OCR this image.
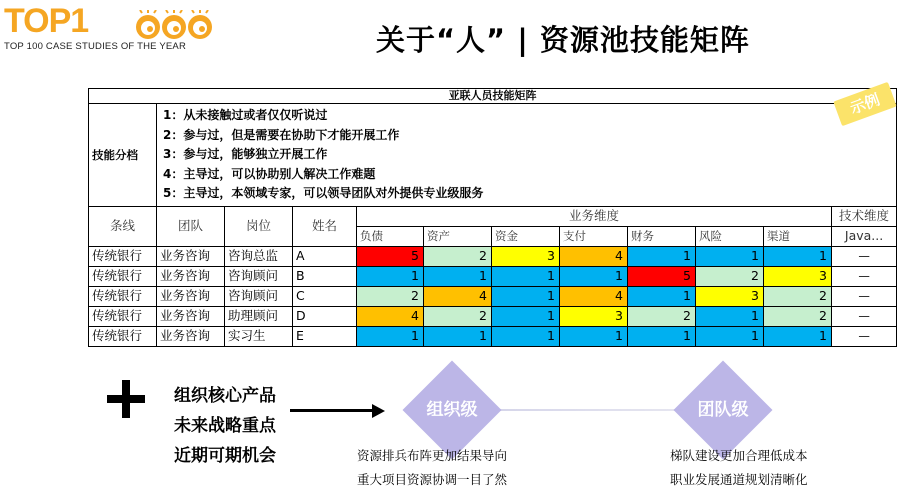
TOP1
TOP 100 CASE STUDIES OF THE YEAR	关于“人” | 资源池技能矩阵
亚联人员技能矩阵											
技能分档	1：从未接触过或者仅仅听说过
2：参与过，但是需要在协助下才能开展工作
3：参与过，能够独立开展工作
4：主导过，可以协助别人解决工作难题
5：主导过，本领域专家，可以领导团队对外提供专业级服务										

条线	团队	岗位	姓名	业务维度							技术维度
				负债	资产	资金	支付	财务	风险	渠道	Java...
传统银行	业务咨询	咨询总监	A	5	2	3	4	1	1	1	—
传统银行	业务咨询	咨询顾问	B	1	1	1	1	5	2	3	—
传统银行	业务咨询	咨询顾问	C	2	4	1	4	1	3	2	—
传统银行	业务咨询	助理顾问	D	4	2	1	3	2	1	2	—
传统银行	业务咨询	实习生	E	1	1	1	1	1	1	1	—
示例
组织核心产品
未来战略重点
近期可期机会
组织级	团队级
资源排兵布阵更加结果导向
重大项目资源协调一目了然
梯队建设更加合理低成本
职业发展通道规划清晰化
